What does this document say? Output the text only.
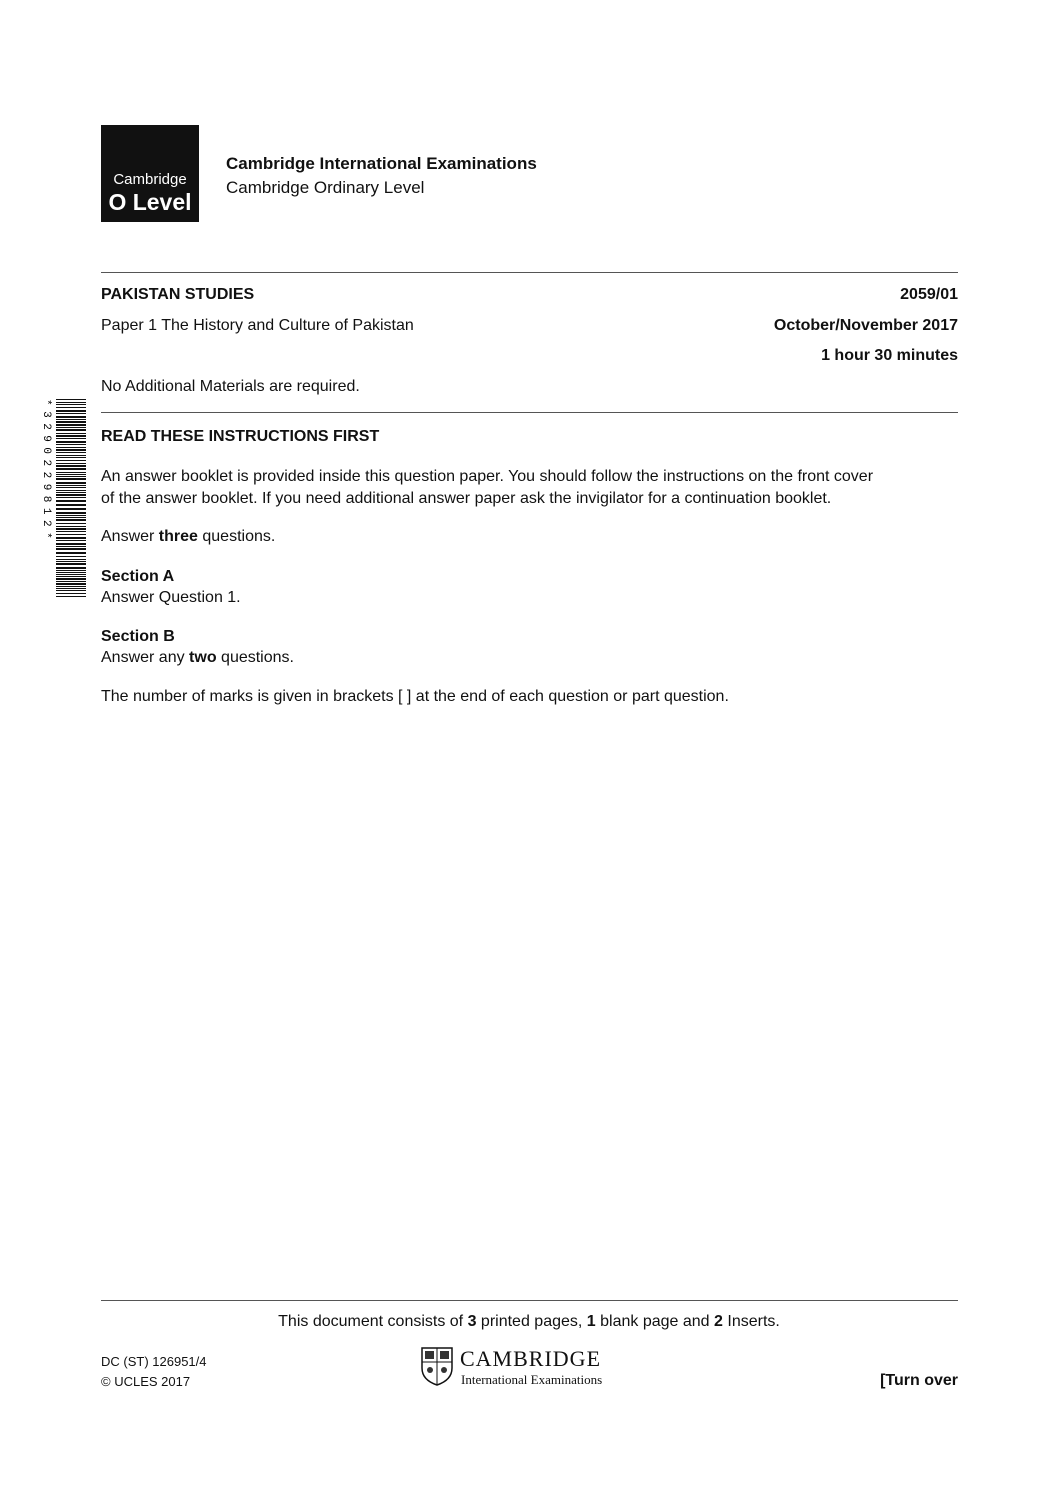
Cambridge
O Level
Cambridge International Examinations
Cambridge Ordinary Level
PAKISTAN STUDIES	2059/01
Paper 1 The History and Culture of Pakistan	October/November 2017
1 hour 30 minutes
No Additional Materials are required.
*3290229812*	READ THESE INSTRUCTIONS FIRST
An answer booklet is provided inside this question paper. You should follow the instructions on the front cover
of the answer booklet. If you need additional answer paper ask the invigilator for a continuation booklet.
Answer three questions.
Section A
Answer Question 1.
Section B
Answer any two questions.
The number of marks is given in brackets [ ] at the end of each question or part question.
This document consists of 3 printed pages, 1 blank page and 2 Inserts.
DC (ST) 126951/4
© UCLES 2017
CAMBRIDGE
International Examinations	[Turn over
